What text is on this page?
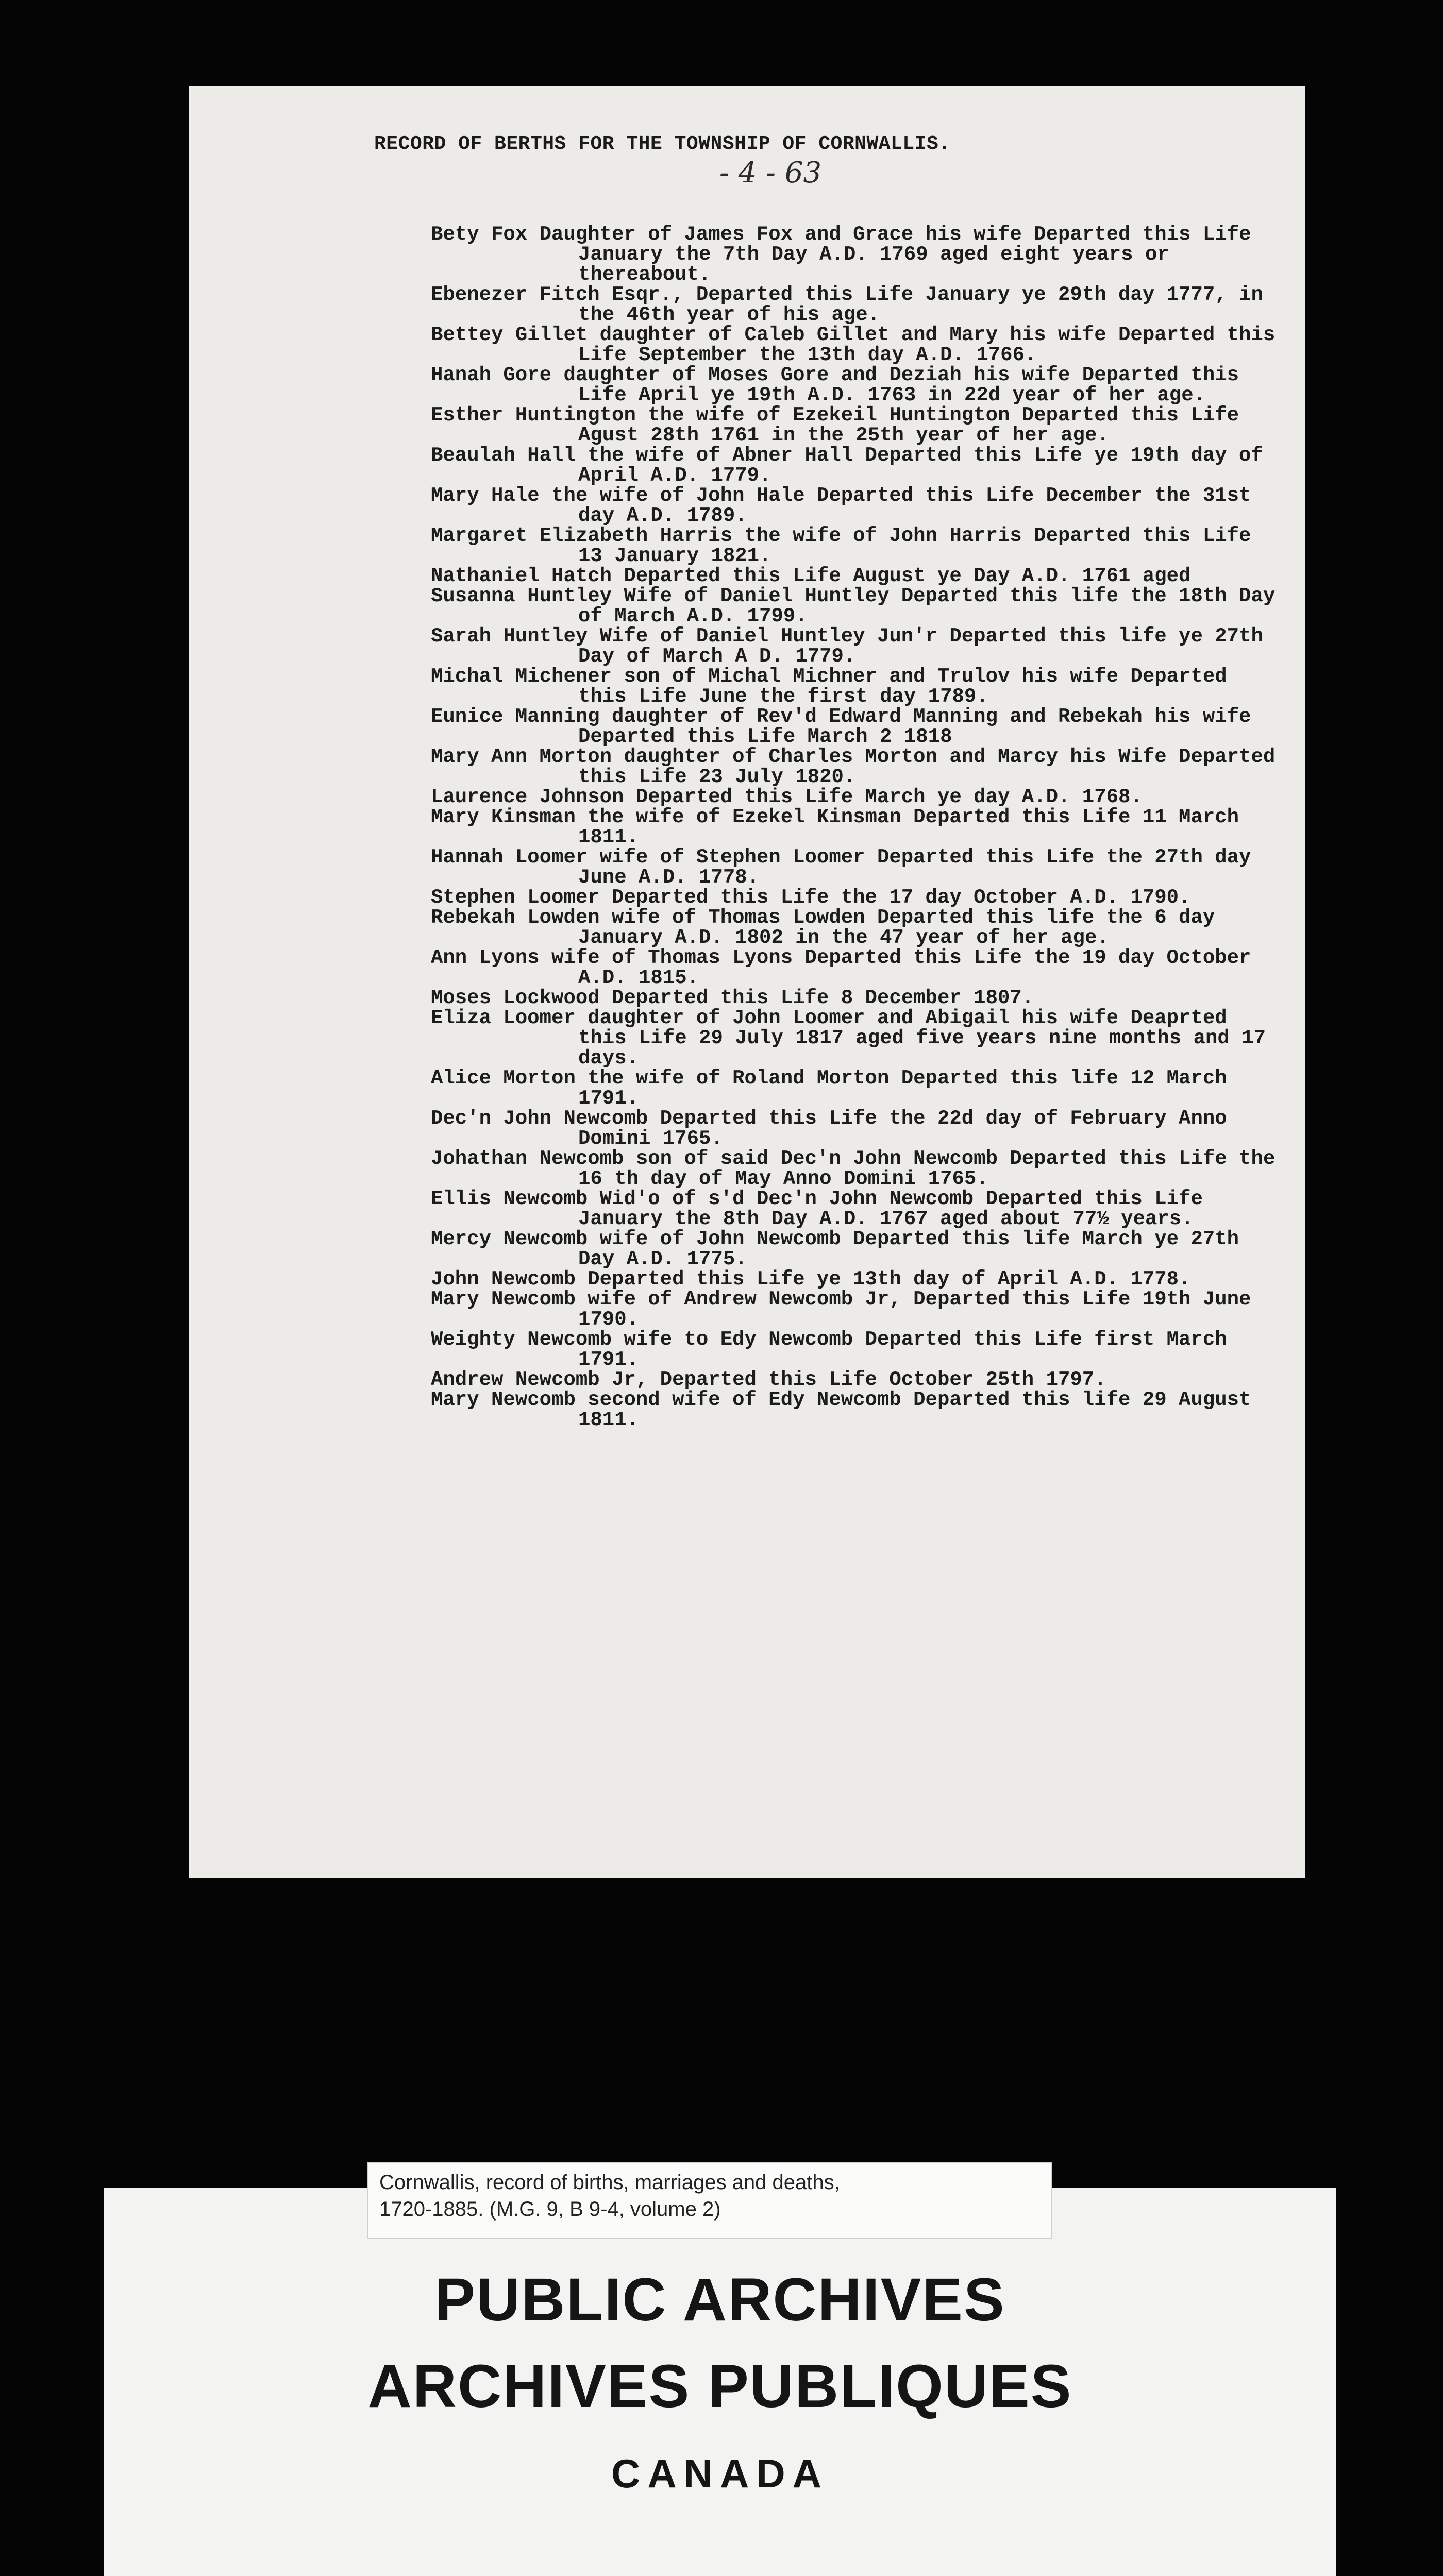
RECORD OF BERTHS FOR THE TOWNSHIP OF CORNWALLIS.
- 4 - 63

Bety Fox Daughter of James Fox and Grace his wife Departed this Life January the 7th Day A.D. 1769 aged eight years or thereabout.

Ebenezer Fitch Esqr., Departed this Life January ye 29th day 1777, in the 46th year of his age.

Bettey Gillet daughter of Caleb Gillet and Mary his wife Departed this Life September the 13th day A.D. 1766.

Hanah Gore daughter of Moses Gore and Deziah his wife Departed this Life April ye 19th A.D. 1763 in 22d year of her age.

Esther Huntington the wife of Ezekeil Huntington Departed this Life Agust 28th 1761 in the 25th year of her age.

Beaulah Hall the wife of Abner Hall Departed this Life ye 19th day of April A.D. 1779.

Mary Hale the wife of John Hale Departed this Life December the 31st day A.D. 1789.

Margaret Elizabeth Harris the wife of John Harris Departed this Life 13 January 1821.

Nathaniel Hatch Departed this Life August ye Day A.D. 1761 aged

Susanna Huntley Wife of Daniel Huntley Departed this life the 18th Day of March A.D. 1799.

Sarah Huntley Wife of Daniel Huntley Jun'r Departed this life ye 27th Day of March A D. 1779.

Michal Michener son of Michal Michner and Trulov his wife Departed this Life June the first day 1789.

Eunice Manning daughter of Rev'd Edward Manning and Rebekah his wife Departed this Life March 2 1818

Mary Ann Morton daughter of Charles Morton and Marcy his Wife Departed this Life 23 July 1820.

Laurence Johnson Departed this Life March ye day A.D. 1768.

Mary Kinsman the wife of Ezekel Kinsman Departed this Life 11 March 1811.

Hannah Loomer wife of Stephen Loomer Departed this Life the 27th day June A.D. 1778.

Stephen Loomer Departed this Life the 17 day October A.D. 1790.

Rebekah Lowden wife of Thomas Lowden Departed this life the 6 day January A.D. 1802 in the 47 year of her age.

Ann Lyons wife of Thomas Lyons Departed this Life the 19 day October A.D. 1815.

Moses Lockwood Departed this Life 8 December 1807.

Eliza Loomer daughter of John Loomer and Abigail his wife Deaprted this Life 29 July 1817 aged five years nine months and 17 days.

Alice Morton the wife of Roland Morton Departed this life 12 March 1791.

Dec'n John Newcomb Departed this Life the 22d day of February Anno Domini 1765.

Johathan Newcomb son of said Dec'n John Newcomb Departed this Life the 16 th day of May Anno Domini 1765.

Ellis Newcomb Wid'o of s'd Dec'n John Newcomb Departed this Life January the 8th Day A.D. 1767 aged about 77½ years.

Mercy Newcomb wife of John Newcomb Departed this life March ye 27th Day A.D. 1775.

John Newcomb Departed this Life ye 13th day of April A.D. 1778.

Mary Newcomb wife of Andrew Newcomb Jr, Departed this Life 19th June 1790.

Weighty Newcomb wife to Edy Newcomb Departed this Life first March 1791.

Andrew Newcomb Jr, Departed this Life October 25th 1797.

Mary Newcomb second wife of Edy Newcomb Departed this life 29 August 1811.

Cornwallis, record of births, marriages and deaths,
1720-1885. (M.G. 9, B 9-4, volume 2)
PUBLIC ARCHIVES
ARCHIVES PUBLIQUES
CANADA
